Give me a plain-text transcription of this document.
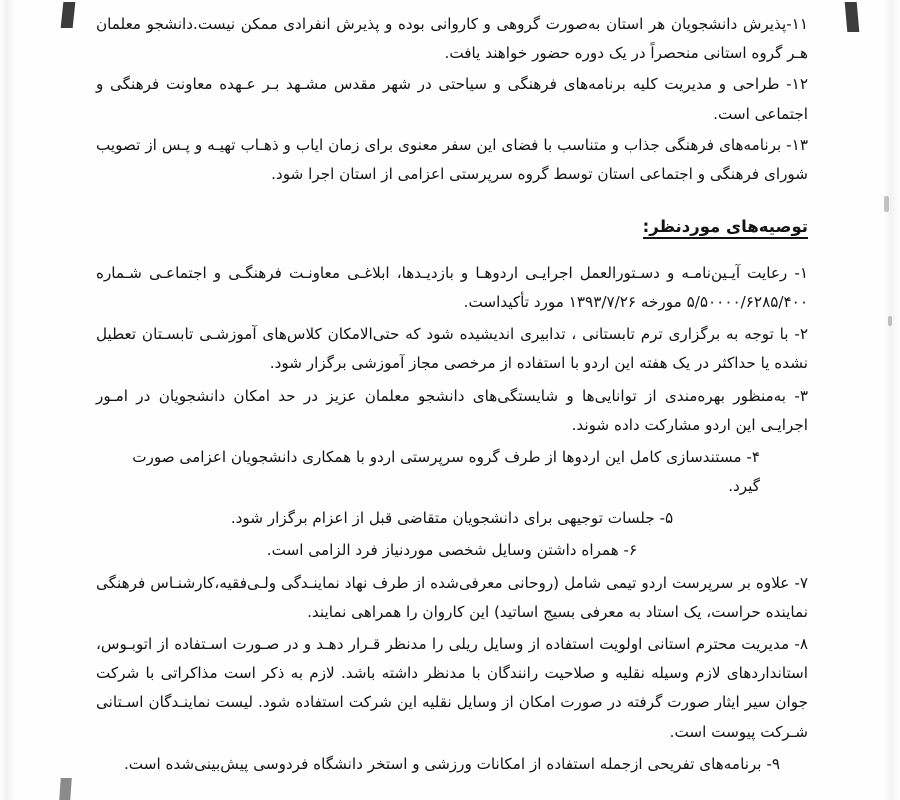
۱۱-پذیرش دانشجویان هر استان به‌صورت گروهی و کاروانی بوده و پذیرش انفرادی ممکن نیست.دانشجو معلمان هـر گروه استانی منحصراً در یک دوره حضور خواهند یافت.

۱۲- طراحی و مدیریت کلیه برنامه‌های فرهنگی و سیاحتی در شهر مقدس مشـهد بـر عـهده معاونت فرهنگی و اجتماعی است.

۱۳- برنامه‌های فرهنگی جذاب و متناسب با فضای این سفر معنوی برای زمان ایاب و ذهـاب تهیـه و پـس از تصویب شورای فرهنگی و اجتماعی استان توسط گروه سرپرستی اعزامی از استان اجرا شود.

توصیه‌های موردنظر:

۱- رعایت آیـین‌نامـه و دسـتورالعمل اجرایـی اردوهـا و بازدیـدها، ابلاغـی معاونـت فرهنگـی و اجتماعـی شـماره ۵/۵۰۰۰۰/۶۲۸۵/۴۰۰ مورخه ۱۳۹۳/۷/۲۶ مورد تأکیداست.

۲- با توجه به برگزاری ترم تابستانی ، تدابیری اندیشیده شود که حتی‌الامکان کلاس‌های آموزشـی تابسـتان تعطیل نشده یا حداکثر در یک هفته این اردو با استفاده از مرخصی مجاز آموزشی برگزار شود.

۳- به‌منظور بهره‌مندی از توانایی‌ها و شایستگی‌های دانشجو معلمان عزیز در حد امکان دانشجویان در امـور اجرایـی این اردو مشارکت داده شوند.

۴- مستندسازی کامل این اردوها از طرف گروه سرپرستی اردو با همکاری دانشجویان اعزامی صورت گیرد.

۵- جلسات توجیهی برای دانشجویان متقاضی قبل از اعزام برگزار شود.

۶- همراه داشتن وسایل شخصی موردنیاز فرد الزامی است.

۷- علاوه بر سرپرست اردو تیمی شامل (روحانی معرفی‌شده از طرف نهاد نماینـدگی ولـی‌فقیه،کارشنـاس فرهنگی نماینده حراست، یک استاد به معرفی بسیج اساتید) این کاروان را همراهی نمایند.

۸- مدیریت محترم استانی اولویت استفاده از وسایل ریلی را مدنظر قـرار دهـد و در صـورت اسـتفاده از اتوبـوس، استانداردهای لازم وسیله نقلیه و صلاحیت رانندگان با مدنظر داشته باشد. لازم به ذکر است مذاکراتی با شرکت جوان سیر ایثار صورت گرفته در صورت امکان از وسایل نقلیه این شرکت استفاده شود. لیست نماینـدگان اسـتانی شـرکت پیوست است.

۹- برنامه‌های تفریحی ازجمله استفاده از امکانات ورزشی و استخر دانشگاه فردوسی پیش‌بینی‌شده است.
